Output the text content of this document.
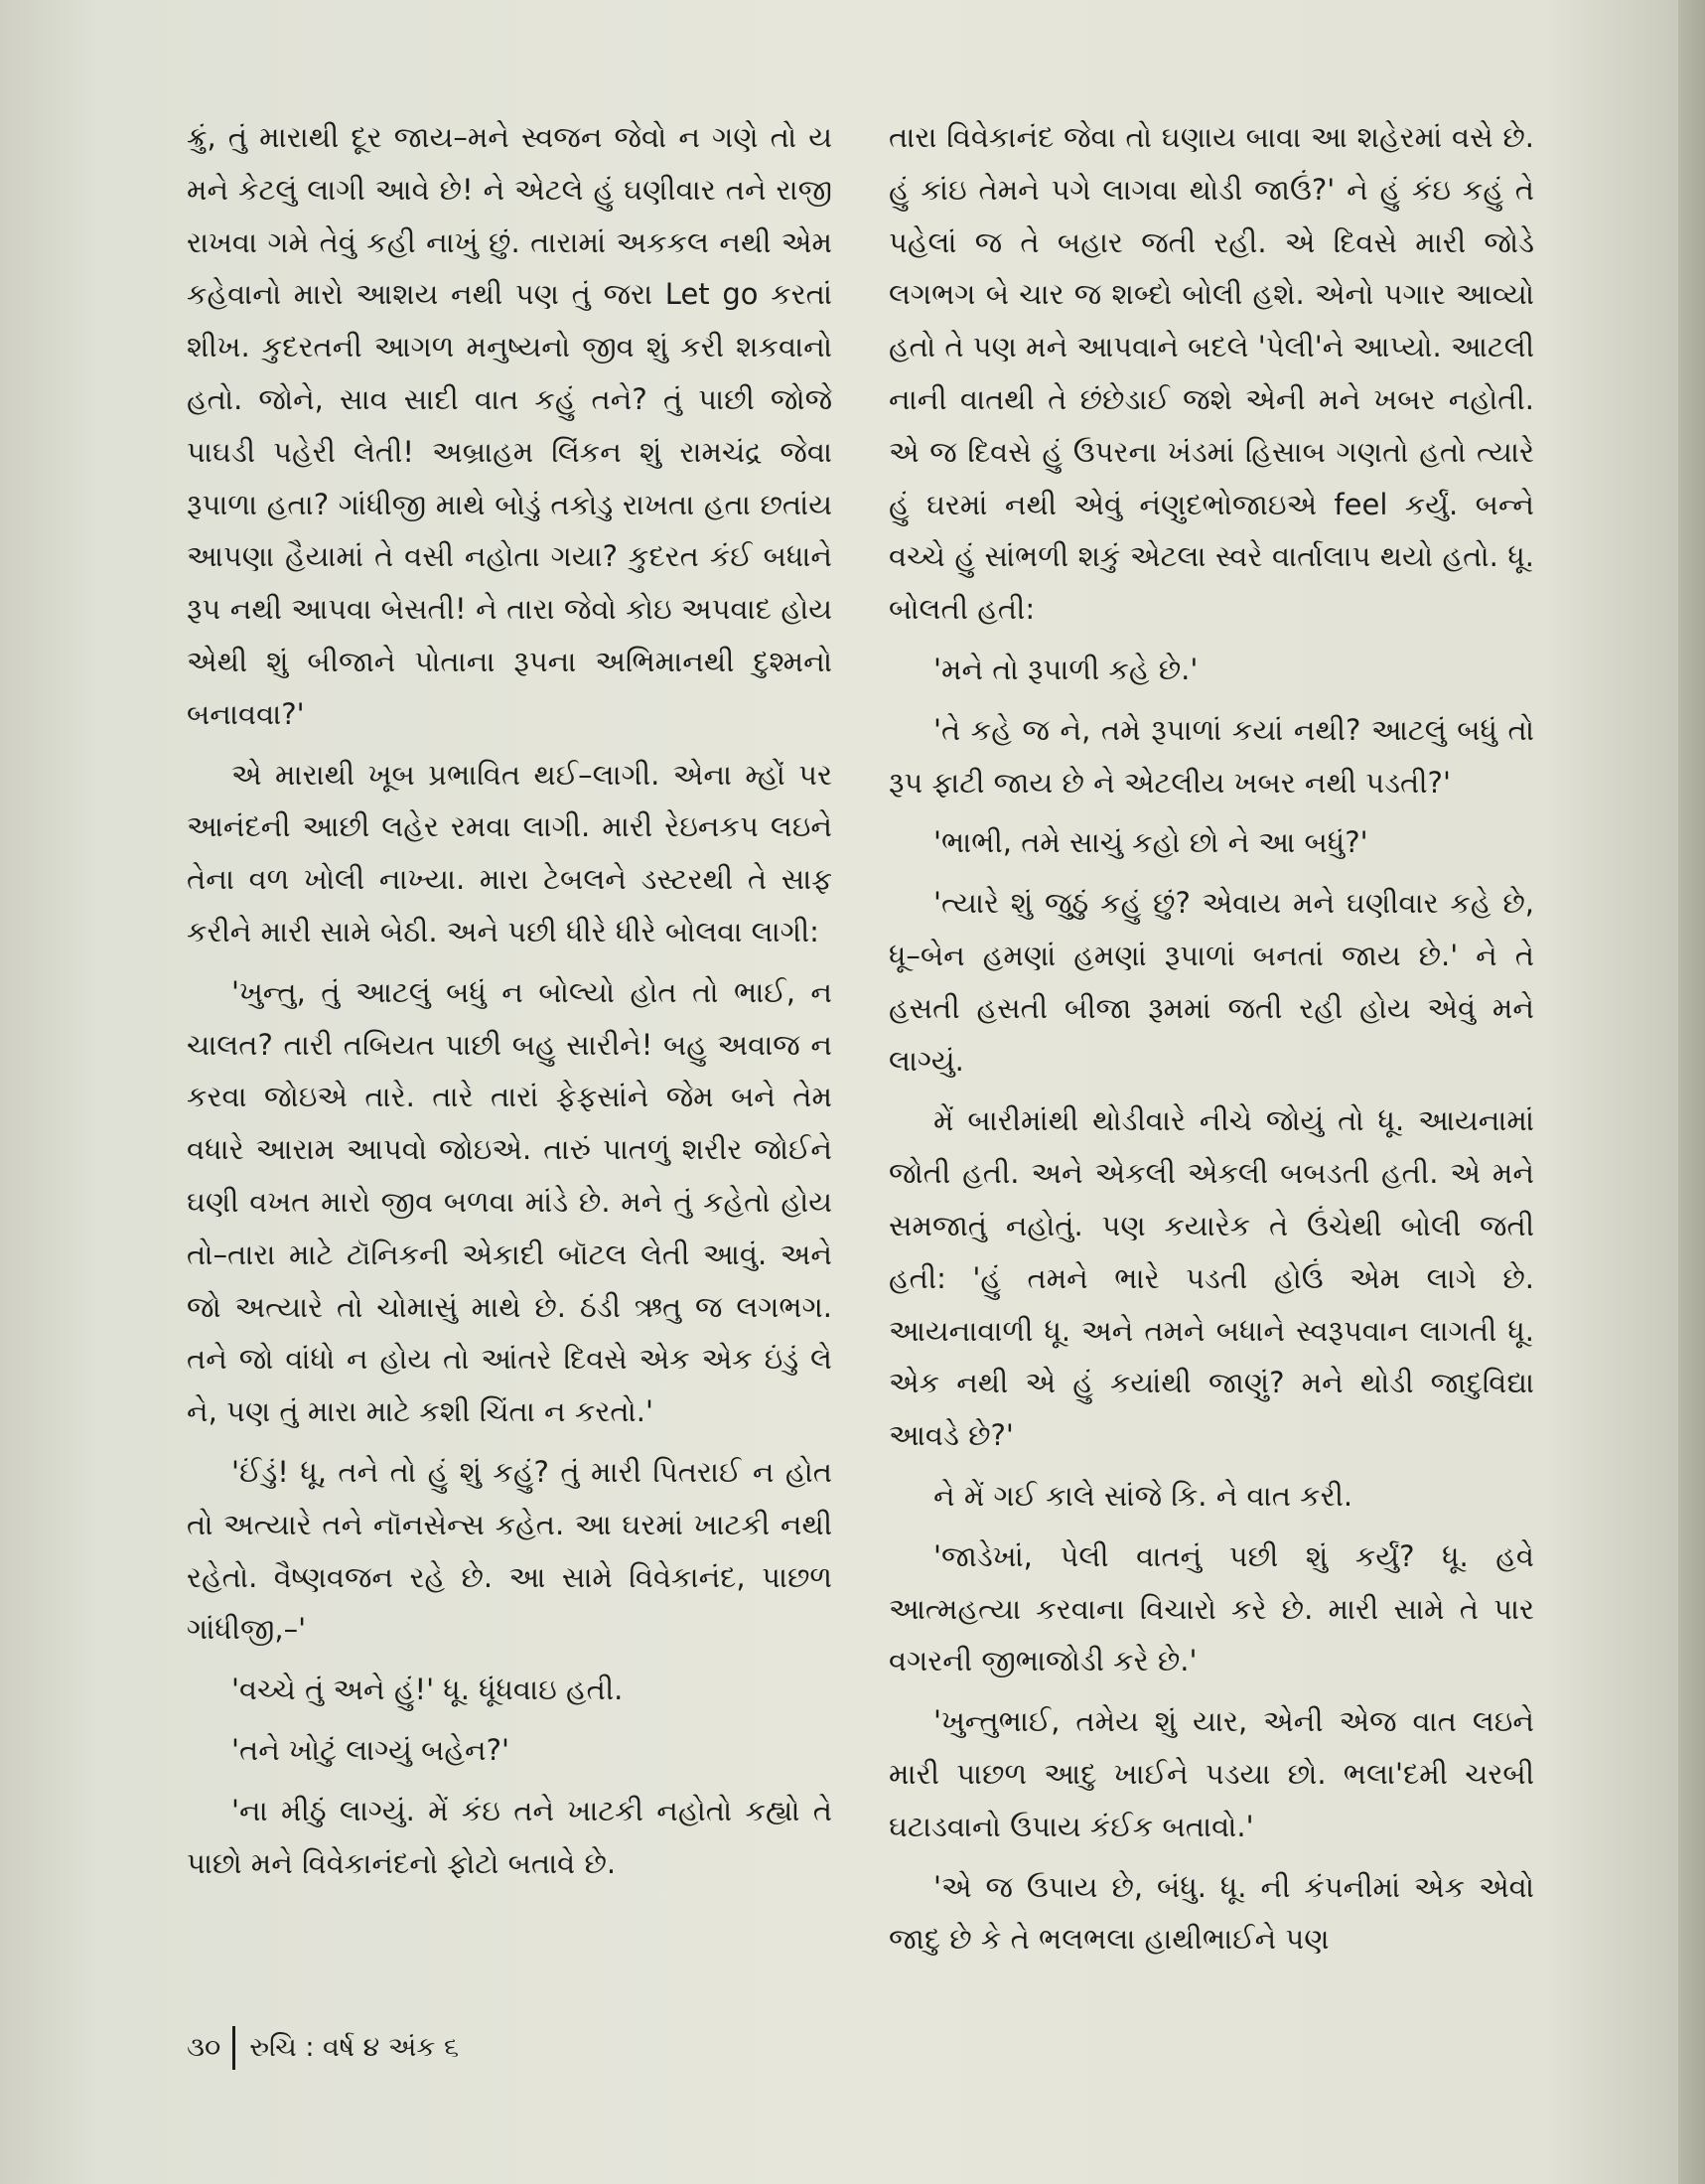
ક્રું, તું મારાથી દૂર જાય–મને સ્વજન જેવો ન ગણે તો ય મને કેટલું લાગી આવે છે! ને એટલે હું ઘણીવાર તને રાજી રાખવા ગમે તેવું કહી નાખું છું. તારામાં અકકલ નથી એમ કહેવાનો મારો આશય નથી પણ તું જરા Let go કરતાં શીખ. કુદરતની આગળ મનુષ્યનો જીવ શું કરી શકવાનો હતો. જોને, સાવ સાદી વાત કહું તને? તું પાછી જોજે પાઘડી પહેરી લેતી! અબ્રાહમ લિંકન શું રામચંદ્ર જેવા રૂપાળા હતા? ગાંધીજી માથે બોડું તકોડુ રાખતા હતા છતાંય આપણા હૈયામાં તે વસી નહોતા ગયા? કુદરત કંઈ બધાને રૂપ નથી આપવા બેસતી! ને તારા જેવો કોઇ અપવાદ હોય એથી શું બીજાને પોતાના રૂપના અભિમાનથી દુશ્મનો બનાવવા?'

એ મારાથી ખૂબ પ્રભાવિત થઈ–લાગી. એના મ્હોં પર આનંદની આછી લહેર રમવા લાગી. મારી રેઇનકપ લઇને તેના વળ ખોલી નાખ્યા. મારા ટેબલને ડસ્ટરથી તે સાફ કરીને મારી સામે બેઠી. અને પછી ધીરે ધીરે બોલવા લાગી:

'ખુન્તુ, તું આટલું બધું ન બોલ્યો હોત તો ભાઈ, ન ચાલત? તારી તબિયત પાછી બહુ સારીને! બહુ અવાજ ન કરવા જોઇએ તારે. તારે તારાં ફેફસાંને જેમ બને તેમ વધારે આરામ આપવો જોઇએ. તારું પાતળું શરીર જોઈને ઘણી વખત મારો જીવ બળવા માંડે છે. મને તું કહેતો હોય તો–તારા માટે ટૉનિકની એકાદી બૉટલ લેતી આવું. અને જો અત્યારે તો ચોમાસું માથે છે. ઠંડી ઋતુ જ લગભગ. તને જો વાંધો ન હોય તો આંતરે દિવસે એક એક ઇંડું લે ને, પણ તું મારા માટે કશી ચિંતા ન કરતો.'

'ઈંડું! ધૂ, તને તો હું શું કહું? તું મારી પિતરાઈ ન હોત તો અત્યારે તને નૉનસેન્સ કહેત. આ ઘરમાં ખાટકી નથી રહેતો. વૈષ્ણવજન રહે છે. આ સામે વિવેકાનંદ, પાછળ ગાંધીજી,–'

'વચ્ચે તું અને હું!' ધૂ. ધૂંધવાઇ હતી.

'તને ખોટું લાગ્યું બહેન?'

'ના મીઠું લાગ્યું. મેં કંઇ તને ખાટકી નહોતો કહ્યો તે પાછો મને વિવેકાનંદનો ફોટો બતાવે છે.

તારા વિવેકાનંદ જેવા તો ઘણાય બાવા આ શહેરમાં વસે છે. હું કાંઇ તેમને પગે લાગવા થોડી જાઉં?' ને હું કંઇ કહું તે પહેલાં જ તે બહાર જતી રહી. એ દિવસે મારી જોડે લગભગ બે ચાર જ શબ્દો બોલી હશે. એનો પગાર આવ્યો હતો તે પણ મને આપવાને બદલે 'પેલી'ને આપ્યો. આટલી નાની વાતથી તે છંછેડાઈ જશે એની મને ખબર નહોતી. એ જ દિવસે હું ઉપરના ખંડમાં હિસાબ ગણતો હતો ત્યારે હું ઘરમાં નથી એવું નંણુદભોજાઇએ feel કર્યું. બન્ને વચ્ચે હું સાંભળી શકું એટલા સ્વરે વાર્તાલાપ થયો હતો. ધૂ. બોલતી હતી:

'મને તો રૂપાળી કહે છે.'

'તે કહે જ ને, તમે રૂપાળાં કયાં નથી? આટલું બધું તો રૂપ ફાટી જાય છે ને એટલીય ખબર નથી પડતી?'

'ભાભી, તમે સાચું કહો છો ને આ બધું?'

'ત્યારે શું જુઠું કહું છું? એવાય મને ઘણીવાર કહે છે, ધૂ–બેન હમણાં હમણાં રૂપાળાં બનતાં જાય છે.' ને તે હસતી હસતી બીજા રૂમમાં જતી રહી હોય એવું મને લાગ્યું.

મેં બારીમાંથી થોડીવારે નીચે જોયું તો ધૂ. આયનામાં જોતી હતી. અને એકલી એકલી બબડતી હતી. એ મને સમજાતું નહોતું. પણ કયારેક તે ઉંચેથી બોલી જતી હતી: 'હું તમને ભારે પડતી હોઉં એમ લાગે છે. આયનાવાળી ધૂ. અને તમને બધાને સ્વરૂપવાન લાગતી ધૂ. એક નથી એ હું કયાંથી જાણું? મને થોડી જાદુવિદ્યા આવડે છે?'

ને મેં ગઈ કાલે સાંજે કિ. ને વાત કરી.

'જાડેખાં, પેલી વાતનું પછી શું કર્યું? ધૂ. હવે આત્મહત્યા કરવાના વિચારો કરે છે. મારી સામે તે પાર વગરની જીભાજોડી કરે છે.'

'ખુન્તુભાઈ, તમેય શું યાર, એની એજ વાત લઇને મારી પાછળ આદુ ખાઈને પડયા છો. ભલા'દમી ચરબી ઘટાડવાનો ઉપાય કંઈક બતાવો.'

'એ જ ઉપાય છે, બંધુ. ધૂ. ની કંપનીમાં એક એવો જાદુ છે કે તે ભલભલા હાથીભાઈને પણ

૩૦ રુચિ : વર્ષ ૪ અંક ૬
